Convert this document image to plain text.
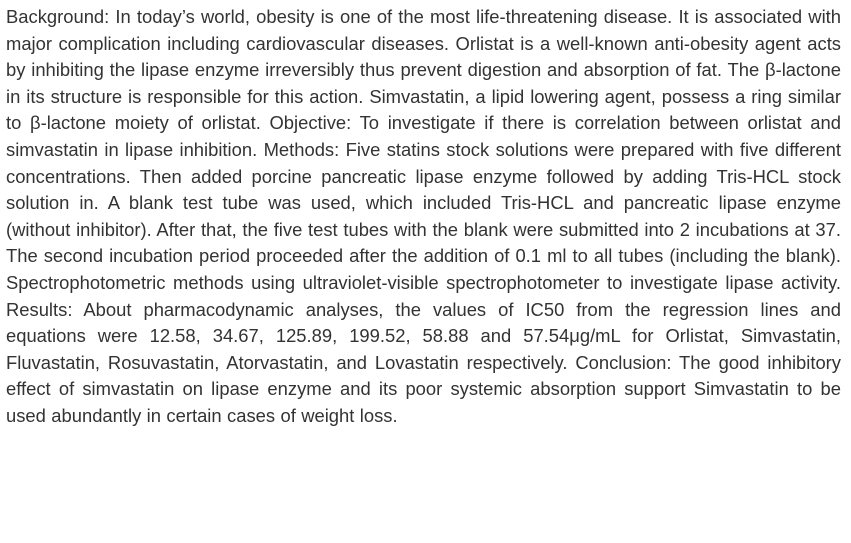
Background: In today’s world, obesity is one of the most life-threatening disease. It is associated with major complication including cardiovascular diseases. Orlistat is a well-known anti-obesity agent acts by inhibiting the lipase enzyme irreversibly thus prevent digestion and absorption of fat. The β-lactone in its structure is responsible for this action. Simvastatin, a lipid lowering agent, possess a ring similar to β-lactone moiety of orlistat. Objective: To investigate if there is correlation between orlistat and simvastatin in lipase inhibition. Methods: Five statins stock solutions were prepared with five different concentrations. Then added porcine pancreatic lipase enzyme followed by adding Tris-HCL stock solution in. A blank test tube was used, which included Tris-HCL and pancreatic lipase enzyme (without inhibitor). After that, the five test tubes with the blank were submitted into 2 incubations at 37. The second incubation period proceeded after the addition of 0.1 ml to all tubes (including the blank). Spectrophotometric methods using ultraviolet-visible spectrophotometer to investigate lipase activity. Results: About pharmacodynamic analyses, the values of IC50 from the regression lines and equations were 12.58, 34.67, 125.89, 199.52, 58.88 and 57.54μg/mL for Orlistat, Simvastatin, Fluvastatin, Rosuvastatin, Atorvastatin, and Lovastatin respectively. Conclusion: The good inhibitory effect of simvastatin on lipase enzyme and its poor systemic absorption support Simvastatin to be used abundantly in certain cases of weight loss.
